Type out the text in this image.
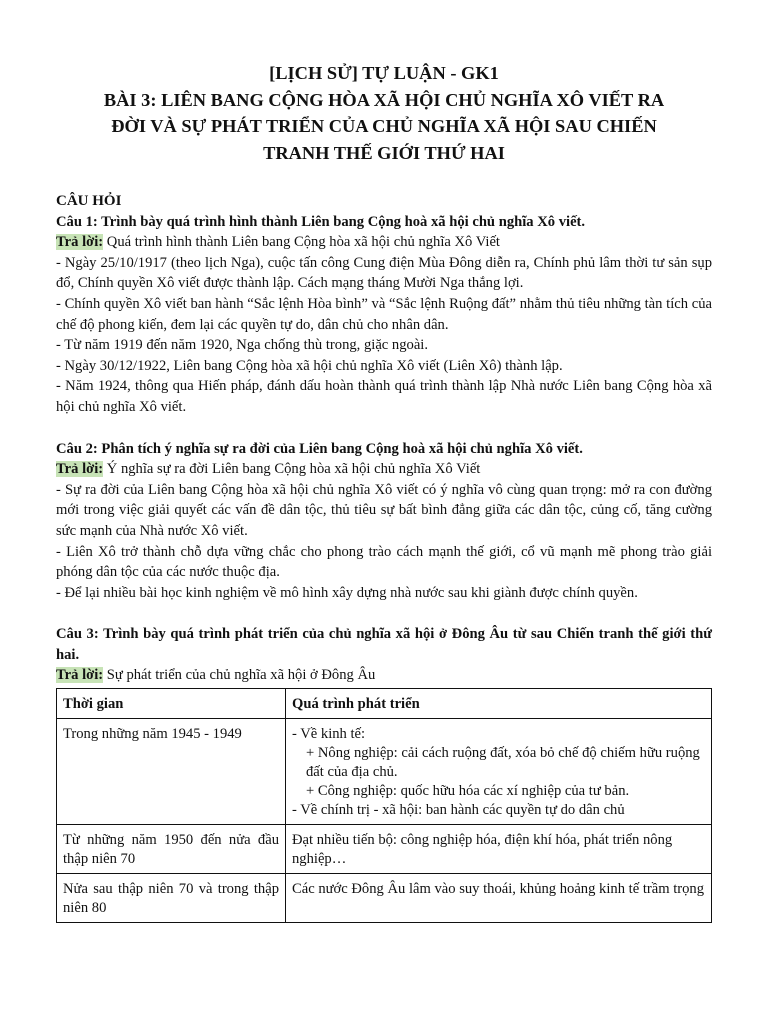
[LỊCH SỬ] TỰ LUẬN - GK1
BÀI 3: LIÊN BANG CỘNG HÒA XÃ HỘI CHỦ NGHĨA XÔ VIẾT RA
ĐỜI VÀ SỰ PHÁT TRIỂN CỦA CHỦ NGHĨA XÃ HỘI SAU CHIẾN
TRANH THẾ GIỚI THỨ HAI

CÂU HỎI

Câu 1: Trình bày quá trình hình thành Liên bang Cộng hoà xã hội chủ nghĩa Xô viết.

Trả lời: Quá trình hình thành Liên bang Cộng hòa xã hội chủ nghĩa Xô Viết

- Ngày 25/10/1917 (theo lịch Nga), cuộc tấn công Cung điện Mùa Đông diễn ra, Chính phủ lâm thời tư sản sụp đổ, Chính quyền Xô viết được thành lập. Cách mạng tháng Mười Nga thắng lợi.

- Chính quyền Xô viết ban hành “Sắc lệnh Hòa bình” và “Sắc lệnh Ruộng đất” nhằm thủ tiêu những tàn tích của chế độ phong kiến, đem lại các quyền tự do, dân chủ cho nhân dân.

- Từ năm 1919 đến năm 1920, Nga chống thù trong, giặc ngoài.

- Ngày 30/12/1922, Liên bang Cộng hòa xã hội chủ nghĩa Xô viết (Liên Xô) thành lập.

- Năm 1924, thông qua Hiến pháp, đánh dấu hoàn thành quá trình thành lập Nhà nước Liên bang Cộng hòa xã hội chủ nghĩa Xô viết.

Câu 2: Phân tích ý nghĩa sự ra đời của Liên bang Cộng hoà xã hội chủ nghĩa Xô viết.

Trả lời: Ý nghĩa sự ra đời Liên bang Cộng hòa xã hội chủ nghĩa Xô Viết

- Sự ra đời của Liên bang Cộng hòa xã hội chủ nghĩa Xô viết có ý nghĩa vô cùng quan trọng: mở ra con đường mới trong việc giải quyết các vấn đề dân tộc, thủ tiêu sự bất bình đẳng giữa các dân tộc, củng cố, tăng cường sức mạnh của Nhà nước Xô viết.

- Liên Xô trở thành chỗ dựa vững chắc cho phong trào cách mạnh thế giới, cổ vũ mạnh mẽ phong trào giải phóng dân tộc của các nước thuộc địa.

- Để lại nhiều bài học kinh nghiệm về mô hình xây dựng nhà nước sau khi giành được chính quyền.

Câu 3: Trình bày quá trình phát triển của chủ nghĩa xã hội ở Đông Âu từ sau Chiến tranh thế giới thứ hai.

Trả lời: Sự phát triển của chủ nghĩa xã hội ở Đông Âu

Thời gian	Quá trình phát triển
Trong những năm 1945 - 1949	- Về kinh tế:
+ Nông nghiệp: cải cách ruộng đất, xóa bỏ chế độ chiếm hữu ruộng đất của địa chủ.
+ Công nghiệp: quốc hữu hóa các xí nghiệp của tư bản.
- Về chính trị - xã hội: ban hành các quyền tự do dân chủ

Từ những năm 1950 đến nửa đầu thập niên 70	Đạt nhiều tiến bộ: công nghiệp hóa, điện khí hóa, phát triển nông nghiệp…

Nửa sau thập niên 70 và trong thập niên 80	Các nước Đông Âu lâm vào suy thoái, khủng hoảng kinh tế trầm trọng
